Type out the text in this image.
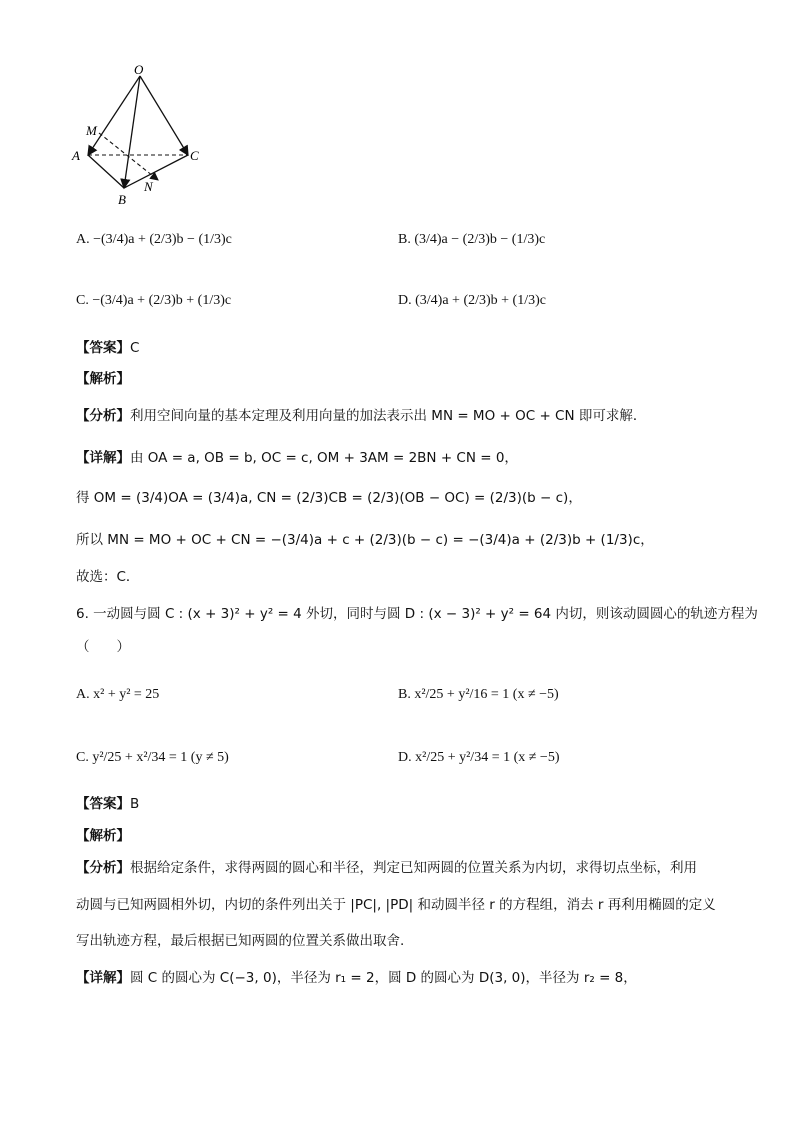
O
M
A	C
N
B
A. −(3/4)a + (2/3)b − (1/3)c	B. (3/4)a − (2/3)b − (1/3)c
C. −(3/4)a + (2/3)b + (1/3)c	D. (3/4)a + (2/3)b + (1/3)c
【答案】C
【解析】
【分析】利用空间向量的基本定理及利用向量的加法表示出 MN = MO + OC + CN 即可求解．
【详解】由 OA = a, OB = b, OC = c, OM + 3AM = 2BN + CN = 0，
得 OM = (3/4)OA = (3/4)a, CN = (2/3)CB = (2/3)(OB − OC) = (2/3)(b − c)，
所以 MN = MO + OC + CN = −(3/4)a + c + (2/3)(b − c) = −(3/4)a + (2/3)b + (1/3)c，
故选：C．
6. 一动圆与圆 C : (x + 3)² + y² = 4 外切，同时与圆 D : (x − 3)² + y² = 64 内切，则该动圆圆心的轨迹方程为
（　　）
A. x² + y² = 25	B. x²/25 + y²/16 = 1 (x ≠ −5)
C. y²/25 + x²/34 = 1 (y ≠ 5)	D. x²/25 + y²/34 = 1 (x ≠ −5)
【答案】B
【解析】
【分析】根据给定条件，求得两圆的圆心和半径，判定已知两圆的位置关系为内切，求得切点坐标，利用
动圆与已知两圆相外切，内切的条件列出关于 |PC|, |PD| 和动圆半径 r 的方程组，消去 r 再利用椭圆的定义
写出轨迹方程，最后根据已知两圆的位置关系做出取舍.
【详解】圆 C 的圆心为 C(−3, 0)，半径为 r₁ = 2，圆 D 的圆心为 D(3, 0)，半径为 r₂ = 8，
